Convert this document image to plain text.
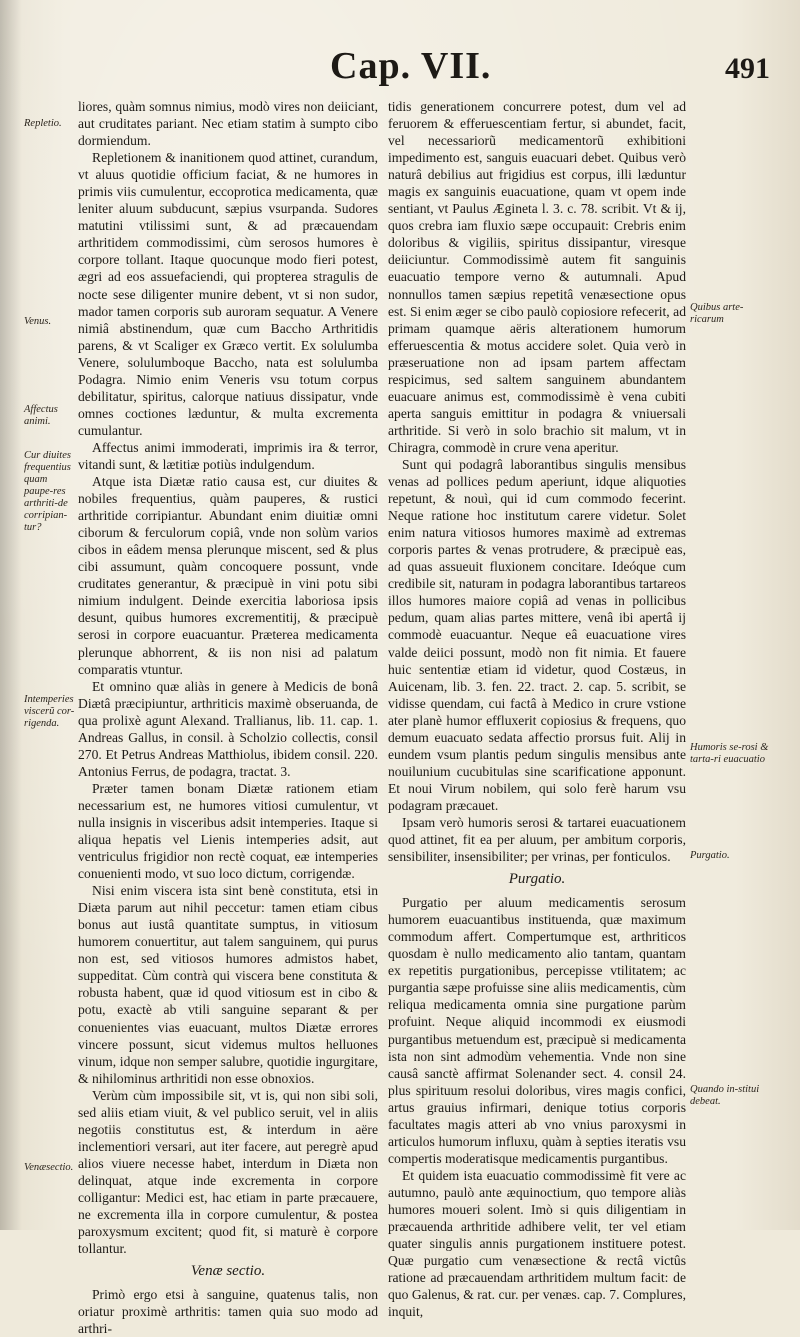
Cap. VII.	491
Repletio.
Venus.
Affectus animi.
Cur diuites frequentius quam paupe-res arthriti-de corripian-tur?
Intemperies viscerũ cor-rigenda.
Venæsectio.
Quibus arte-ricarum
Humoris se-rosi & tarta-ri euacuatio
Purgatio.
Quando in-stitui debeat.

liores, quàm somnus nimius, modò vires non deiiciant, aut cruditates pariant. Nec etiam statim à sumpto cibo dormiendum.

Repletionem & inanitionem quod attinet, curandum, vt aluus quotidie officium faciat, & ne humores in primis viis cumulentur, eccoprotica medicamenta, quæ leniter aluum subducunt, sæpius vsurpanda. Sudores matutini vtilissimi sunt, & ad præcauendam arthritidem commodissimi, cùm serosos humores è corpore tollant. Itaque quocunque modo fieri potest, ægri ad eos assuefaciendi, qui propterea stragulis de nocte sese diligenter munire debent, vt si non sudor, mador tamen corporis sub auroram sequatur. A Venere nimiâ abstinendum, quæ cum Baccho Arthritidis parens, & vt Scaliger ex Græco vertit. Ex solulumba Venere, solulumboque Baccho, nata est solulumba Podagra. Nimio enim Veneris vsu totum corpus debilitatur, spiritus, calorque natiuus dissipatur, vnde omnes coctiones læduntur, & multa excrementa cumulantur.

Affectus animi immoderati, imprimis ira & terror, vitandi sunt, & lætitiæ potiùs indulgendum.

Atque ista Diætæ ratio causa est, cur diuites & nobiles frequentius, quàm pauperes, & rustici arthritide corripiantur. Abundant enim diuitiæ omni ciborum & ferculorum copiâ, vnde non solùm varios cibos in eâdem mensa plerunque miscent, sed & plus cibi assumunt, quàm concoquere possunt, vnde cruditates generantur, & præcipuè in vini potu sibi nimium indulgent. Deinde exercitia laboriosa ipsis desunt, quibus humores excrementitij, & præcipuè serosi in corpore euacuantur. Præterea medicamenta plerunque abhorrent, & iis non nisi ad palatum comparatis vtuntur.

Et omnino quæ aliàs in genere à Medicis de bonâ Diætâ præcipiuntur, arthriticis maximè obseruanda, de qua prolixè agunt Alexand. Trallianus, lib. 11. cap. 1. Andreas Gallus, in consil. à Scholzio collectis, consil 270. Et Petrus Andreas Matthiolus, ibidem consil. 220. Antonius Ferrus, de podagra, tractat. 3.

Præter tamen bonam Diætæ rationem etiam necessarium est, ne humores vitiosi cumulentur, vt nulla insignis in visceribus adsit intemperies. Itaque si aliqua hepatis vel Lienis intemperies adsit, aut ventriculus frigidior non rectè coquat, eæ intemperies conuenienti modo, vt suo loco dictum, corrigendæ.

Nisi enim viscera ista sint benè constituta, etsi in Diæta parum aut nihil peccetur: tamen etiam cibus bonus aut iustâ quantitate sumptus, in vitiosum humorem conuertitur, aut talem sanguinem, qui purus non est, sed vitiosos humores admistos habet, suppeditat. Cùm contrà qui viscera bene constituta & robusta habent, quæ id quod vitiosum est in cibo & potu, exactè ab vtili sanguine separant & per conuenientes vias euacuant, multos Diætæ errores vincere possunt, sicut videmus multos helluones vinum, idque non semper salubre, quotidie ingurgitare, & nihilominus arthritidi non esse obnoxios.

Verùm cùm impossibile sit, vt is, qui non sibi soli, sed aliis etiam viuit, & vel publico seruit, vel in aliis negotiis constitutus est, & interdum in aëre inclementiori versari, aut iter facere, aut peregrè apud alios viuere necesse habet, interdum in Diæta non delinquat, atque inde excrementa in corpore colligantur: Medici est, hac etiam in parte præcauere, ne excrementa illa in corpore cumulentur, & postea paroxysmum excitent; quod fit, si maturè è corpore tollantur.

Venæ sectio.

Primò ergo etsi à sanguine, quatenus talis, non oriatur proximè arthritis: tamen quia suo modo ad arthri-

tidis generationem concurrere potest, dum vel ad feruorem & efferuescentiam fertur, si abundet, facit, vel necessariorũ medicamentorũ exhibitioni impedimento est, sanguis euacuari debet. Quibus verò naturâ debilius aut frigidius est corpus, illi læduntur magis ex sanguinis euacuatione, quam vt opem inde sentiant, vt Paulus Ægineta l. 3. c. 78. scribit. Vt & ij, quos crebra iam fluxio sæpe occupauit: Crebris enim doloribus & vigiliis, spiritus dissipantur, viresque deiiciuntur. Commodissimè autem fit sanguinis euacuatio tempore verno & autumnali. Apud nonnullos tamen sæpius repetitâ venæsectione opus est. Si enim æger se cibo paulò copiosiore refecerit, ad primam quamque aëris alterationem humorum efferuescentia & motus accidere solet. Quia verò in præseruatione non ad ipsam partem affectam respicimus, sed saltem sanguinem abundantem euacuare animus est, commodissimè è vena cubiti aperta sanguis emittitur in podagra & vniuersali arthritide. Si verò in solo brachio sit malum, vt in Chiragra, commodè in crure vena aperitur.

Sunt qui podagrâ laborantibus singulis mensibus venas ad pollices pedum aperiunt, idque aliquoties repetunt, & nouì, qui id cum commodo fecerint. Neque ratione hoc institutum carere videtur. Solet enim natura vitiosos humores maximè ad extremas corporis partes & venas protrudere, & præcipuè eas, ad quas assueuit fluxionem concitare. Ideóque cum credibile sit, naturam in podagra laborantibus tartareos illos humores maiore copiâ ad venas in pollicibus pedum, quam alias partes mittere, venâ ibi apertâ ij commodè euacuantur. Neque eâ euacuatione vires valde deiici possunt, modò non fit nimia. Et fauere huic sententiæ etiam id videtur, quod Costæus, in Auicenam, lib. 3. fen. 22. tract. 2. cap. 5. scribit, se vidisse quendam, cui factâ à Medico in crure vstione ater planè humor effluxerit copiosius & frequens, quo demum euacuato sedata affectio prorsus fuit. Alij in eundem vsum plantis pedum singulis mensibus ante nouilunium cucubitulas sine scarificatione apponunt. Et noui Virum nobilem, qui solo ferè harum vsu podagram præcauet.

Ipsam verò humoris serosi & tartarei euacuationem quod attinet, fit ea per aluum, per ambitum corporis, sensibiliter, insensibiliter; per vrinas, per fonticulos.

Purgatio.

Purgatio per aluum medicamentis serosum humorem euacuantibus instituenda, quæ maximum commodum affert. Compertumque est, arthriticos quosdam è nullo medicamento alio tantam, quantam ex repetitis purgationibus, percepisse vtilitatem; ac purgantia sæpe profuisse sine aliis medicamentis, cùm reliqua medicamenta omnia sine purgatione parùm profuint. Neque aliquid incommodi ex eiusmodi purgantibus metuendum est, præcipuè si medicamenta ista non sint admodùm vehementia. Vnde non sine causâ sanctè affirmat Solenander sect. 4. consil 24. plus spirituum resolui doloribus, vires magis confici, artus grauius infirmari, denique totius corporis facultates magis atteri ab vno vnius paroxysmi in articulos humorum influxu, quàm à septies iteratis vsu compertis moderatisque medicamentis purgantibus.

Et quidem ista euacuatio commodissimè fit vere ac autumno, paulò ante æquinoctium, quo tempore aliàs humores moueri solent. Imò si quis diligentiam in præcauenda arthritide adhibere velit, ter vel etiam quater singulis annis purgationem instituere potest. Quæ purgatio cum venæsectione & rectâ victûs ratione ad præcauendam arthritidem multum facit: de quo Galenus, & rat. cur. per venæs. cap. 7. Complures, inquit,
